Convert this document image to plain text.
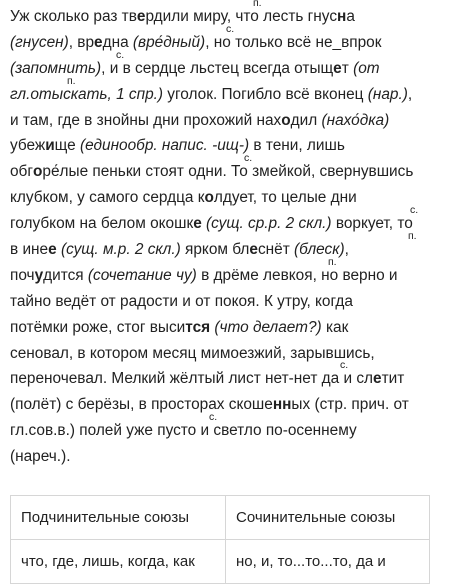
Уж сколько раз твердили миру, что лесть гнусна
п.
(гнусен), вредна (вре́дный), но только всё не_впрок
с.
(запомнить), и в сердце льстец всегда отыщет (от
с.
гл.отыскать, 1 спр.) уголок. Погибло всё вконец (нар.),
п.
и там, где в знойны дни прохожий находил (нахо́дка)
убежище (единообр. напис. -ищ-) в тени, лишь
обгоре́лые пеньки стоят одни. То змейкой, свернувшись
с.
клубком, у самого сердца колдует, то целые дни
голубком на белом окошке (сущ. ср.р. 2 скл.) воркует, то
с.
в инее (сущ. м.р. 2 скл.) ярком блеснёт (блеск),
п.
почудится (сочетание чу) в дрёме левкоя, но верно и
п.
тайно ведёт от радости и от покоя. К утру, когда
потёмки роже, стог высится (что делает?) как
сеновал, в котором месяц мимоезжий, зарывшись,
переночевал. Мелкий жёлтый лист нет-нет да и слетит
с.
(полёт) с берёзы, в просторах скошенных (стр. прич. от
гл.сов.в.) полей уже пусто и светло по-осеннему
с.
(нареч.).
Подчинительные союзы	Сочинительные союзы
что, где, лишь, когда, как	но, и, то...то...то, да и
